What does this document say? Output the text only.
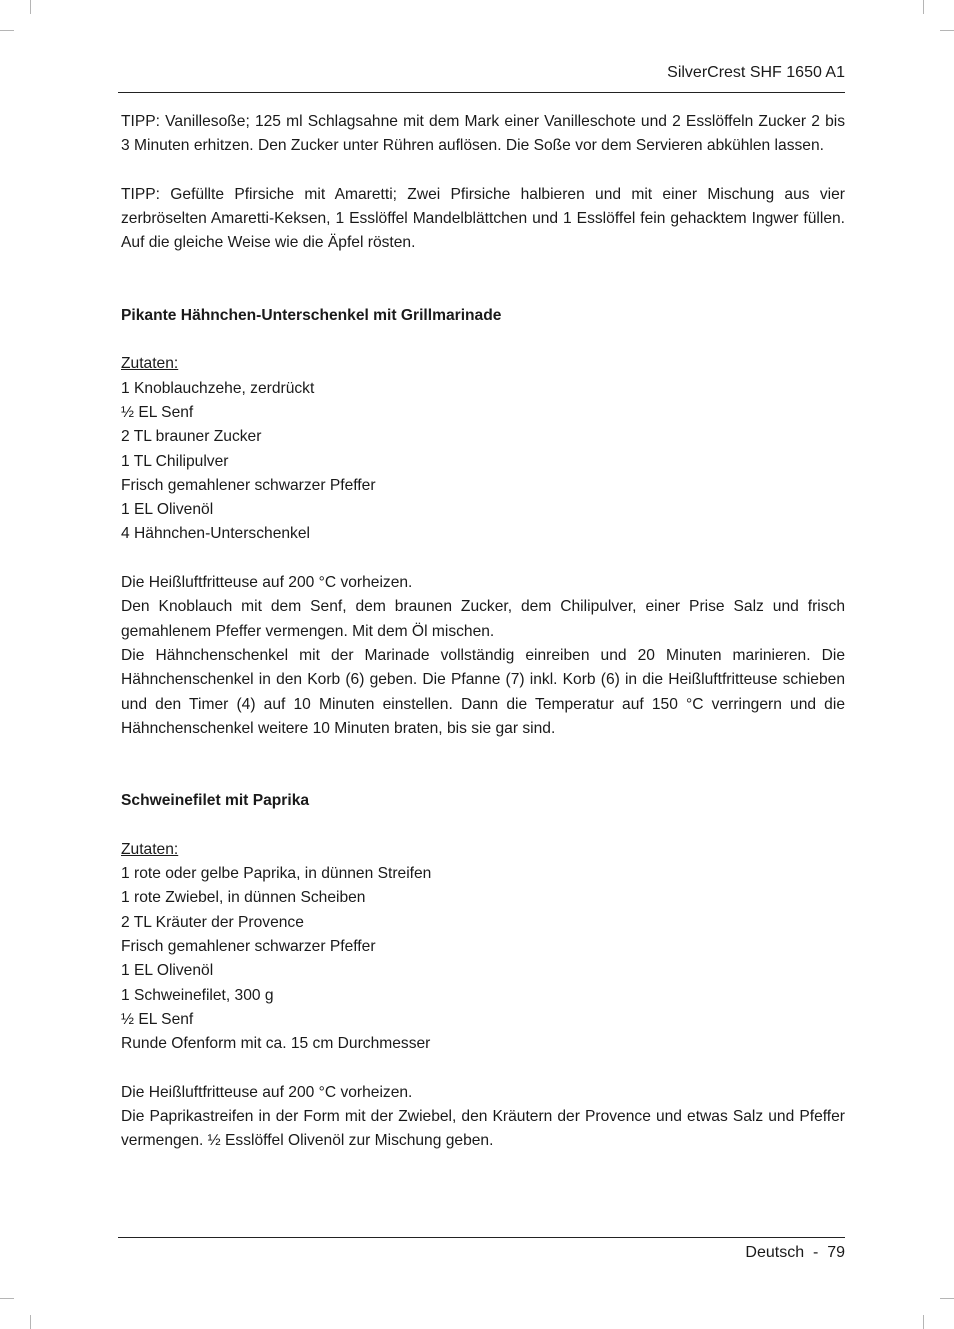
SilverCrest SHF 1650 A1

TIPP: Vanillesoße; 125 ml Schlagsahne mit dem Mark einer Vanilleschote und 2 Esslöffeln Zucker 2 bis 3 Minuten erhitzen. Den Zucker unter Rühren auflösen. Die Soße vor dem Servieren abkühlen lassen.

TIPP: Gefüllte Pfirsiche mit Amaretti; Zwei Pfirsiche halbieren und mit einer Mischung aus vier zerbröselten Amaretti-Keksen, 1 Esslöffel Mandelblättchen und 1 Esslöffel fein gehacktem Ingwer füllen. Auf die gleiche Weise wie die Äpfel rösten.

Pikante Hähnchen-Unterschenkel mit Grillmarinade

Zutaten:

1 Knoblauchzehe, zerdrückt
½ EL Senf
2 TL brauner Zucker
1 TL Chilipulver
Frisch gemahlener schwarzer Pfeffer
1 EL Olivenöl
4 Hähnchen-Unterschenkel

Die Heißluftfritteuse auf 200 °C vorheizen.

Den Knoblauch mit dem Senf, dem braunen Zucker, dem Chilipulver, einer Prise Salz und frisch gemahlenem Pfeffer vermengen. Mit dem Öl mischen.

Die Hähnchenschenkel mit der Marinade vollständig einreiben und 20 Minuten marinieren. Die Hähnchenschenkel in den Korb (6) geben. Die Pfanne (7) inkl. Korb (6) in die Heißluftfritteuse schieben und den Timer (4) auf 10 Minuten einstellen. Dann die Temperatur auf 150 °C verringern und die Hähnchenschenkel weitere 10 Minuten braten, bis sie gar sind.

Schweinefilet mit Paprika

Zutaten:

1 rote oder gelbe Paprika, in dünnen Streifen
1 rote Zwiebel, in dünnen Scheiben
2 TL Kräuter der Provence
Frisch gemahlener schwarzer Pfeffer
1 EL Olivenöl
1 Schweinefilet, 300 g
½ EL Senf
Runde Ofenform mit ca. 15 cm Durchmesser

Die Heißluftfritteuse auf 200 °C vorheizen.

Die Paprikastreifen in der Form mit der Zwiebel, den Kräutern der Provence und etwas Salz und Pfeffer vermengen. ½ Esslöffel Olivenöl zur Mischung geben.

Deutsch  -  79
